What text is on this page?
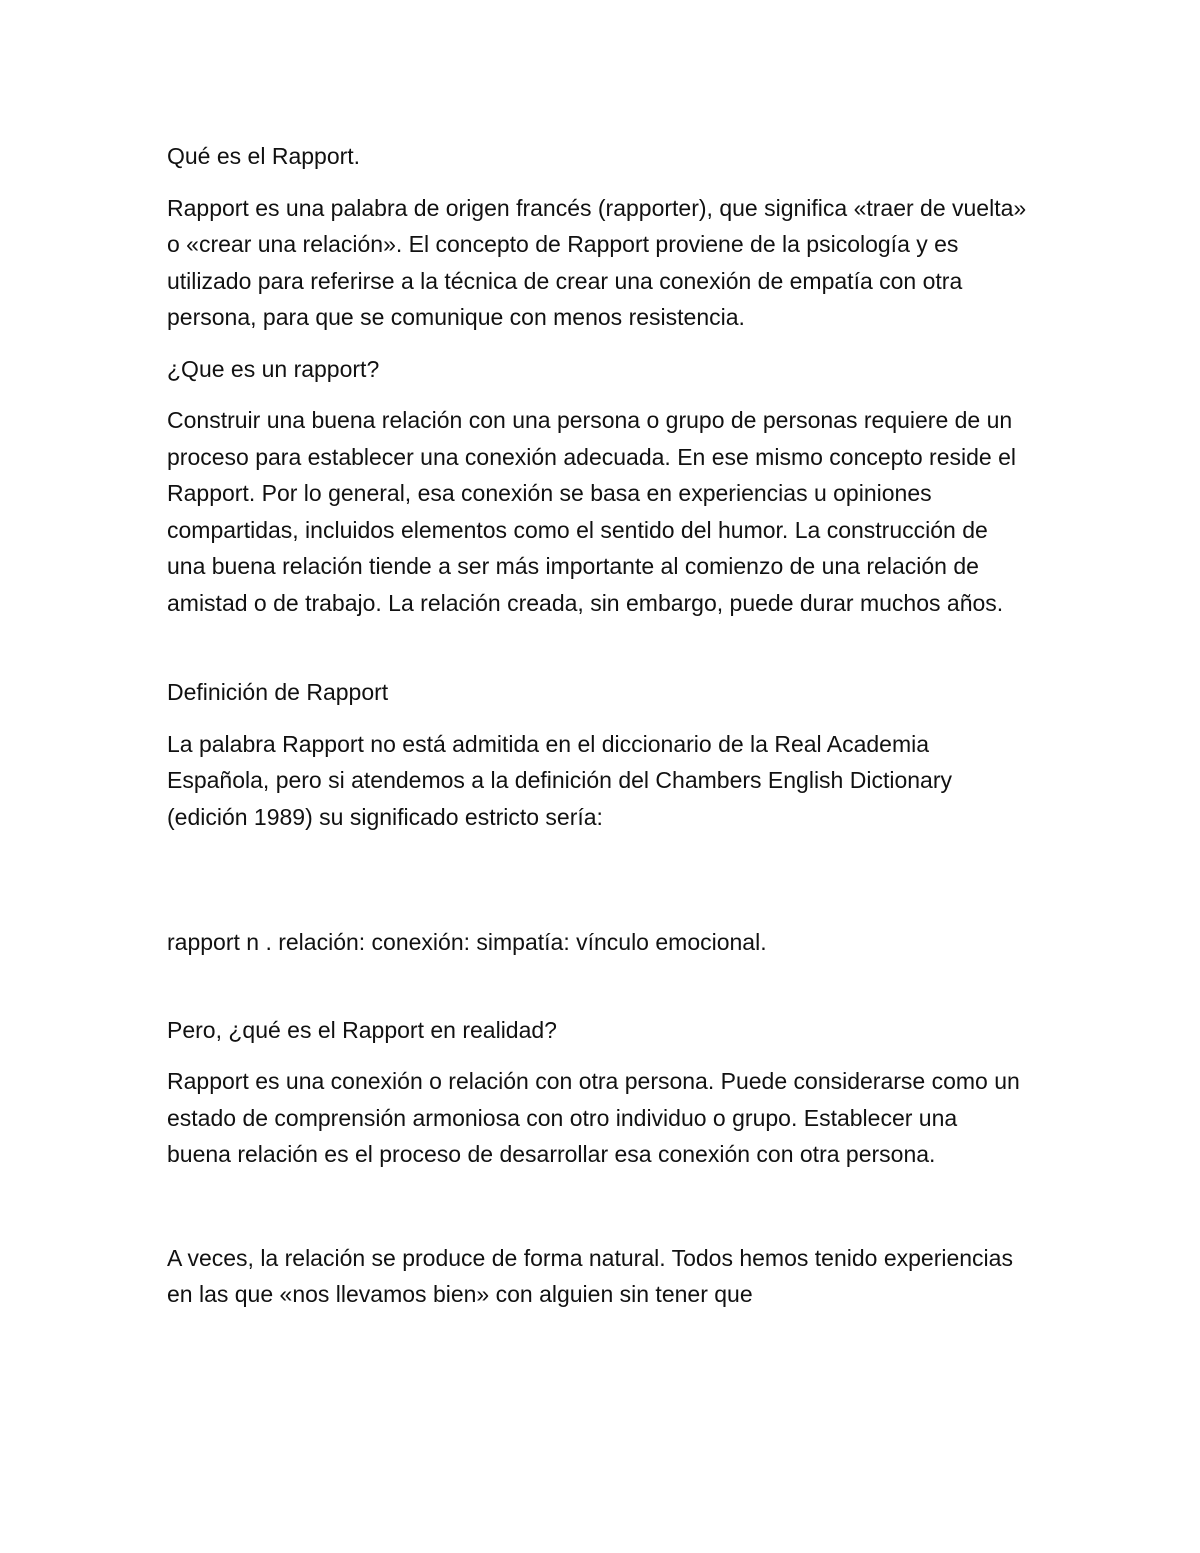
Qué es el Rapport.

Rapport es una palabra de origen francés (rapporter), que significa «traer de vuelta» o «crear una relación». El concepto de Rapport proviene de la psicología y es utilizado para referirse a la técnica de crear una conexión de empatía con otra persona, para que se comunique con menos resistencia.

¿Que es un rapport?

Construir una buena relación con una persona o grupo de personas requiere de un proceso para establecer una conexión adecuada. En ese mismo concepto reside el Rapport. Por lo general, esa conexión se basa en experiencias u opiniones compartidas, incluidos elementos como el sentido del humor. La construcción de una buena relación tiende a ser más importante al comienzo de una relación de amistad o de trabajo. La relación creada, sin embargo, puede durar muchos años.

Definición de Rapport

La palabra Rapport no está admitida en el diccionario de la Real Academia Española, pero si atendemos a la definición del Chambers English Dictionary (edición 1989) su significado estricto sería:

rapport n . relación: conexión: simpatía: vínculo emocional.

Pero, ¿qué es el Rapport en realidad?

Rapport es una conexión o relación con otra persona. Puede considerarse como un estado de comprensión armoniosa con otro individuo o grupo. Establecer una buena relación es el proceso de desarrollar esa conexión con otra persona.

A veces, la relación se produce de forma natural. Todos hemos tenido experiencias en las que «nos llevamos bien» con alguien sin tener que
